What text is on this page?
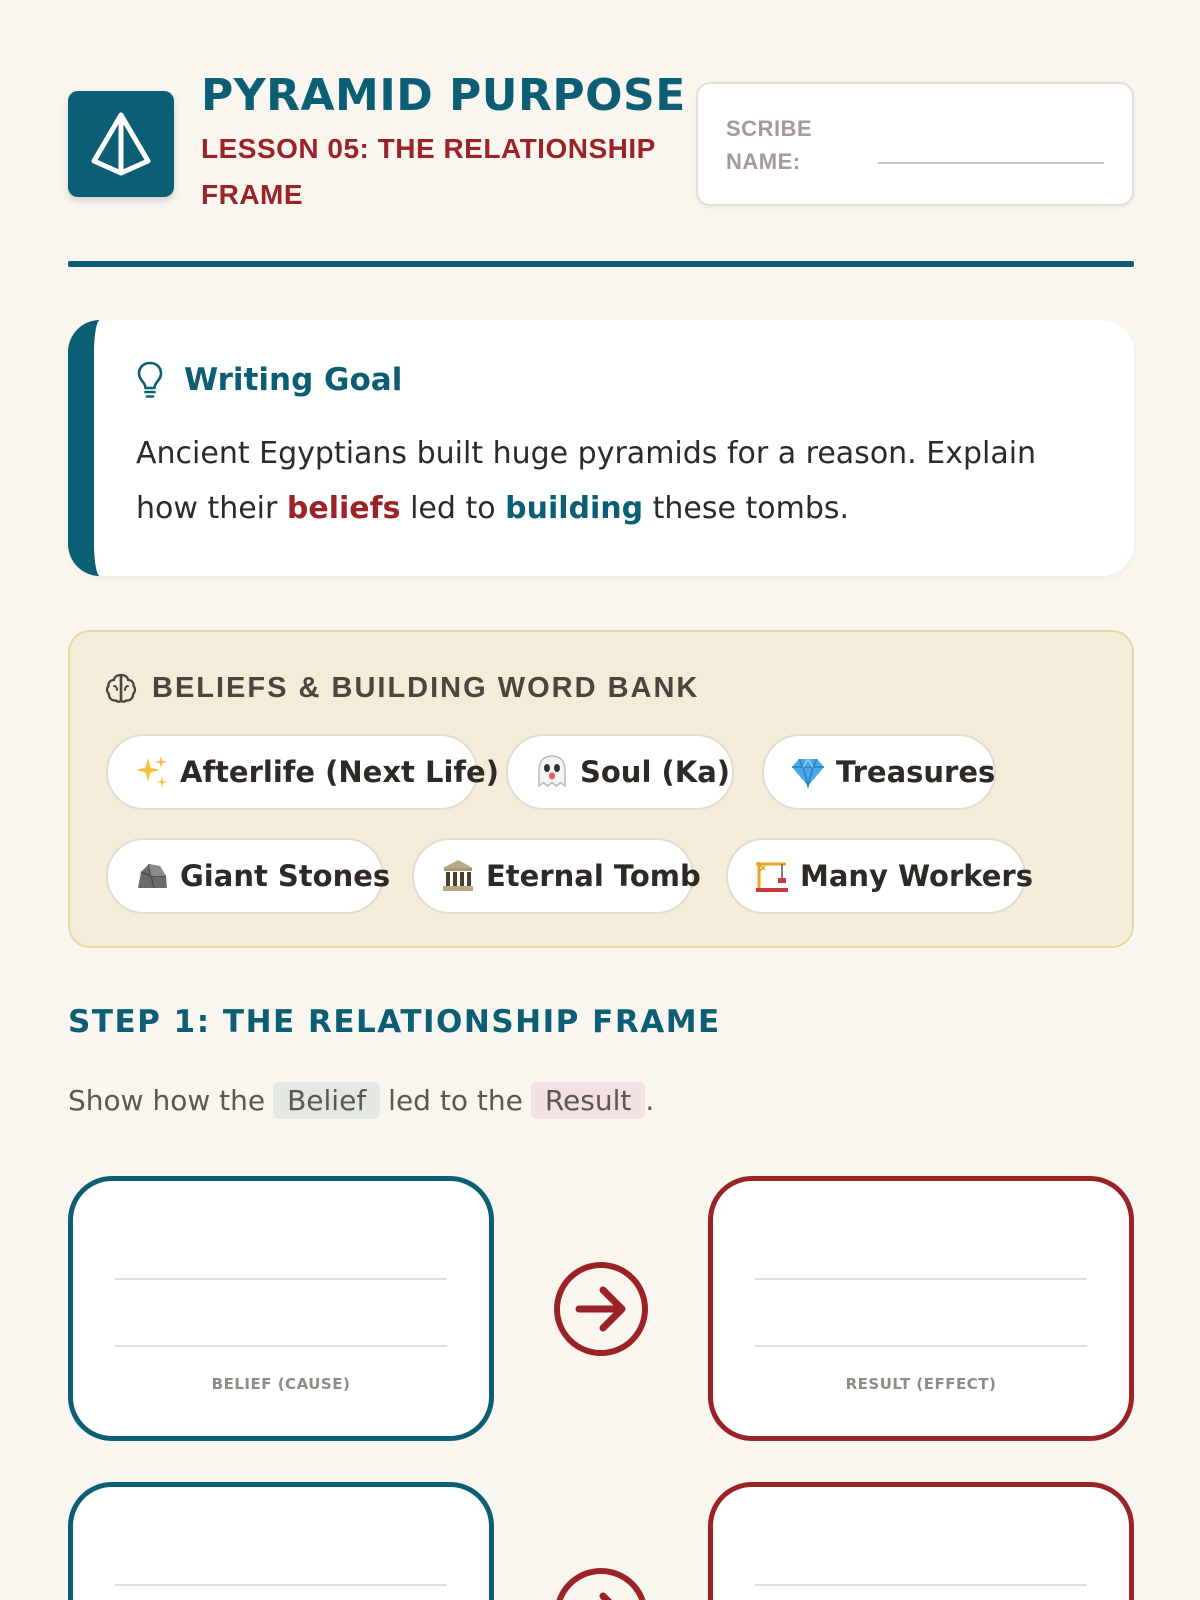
PYRAMID PURPOSE
LESSON 05: THE RELATIONSHIP FRAME
SCRIBE NAME:
Writing Goal
Ancient Egyptians built huge pyramids for a reason. Explain how their beliefs led to building these tombs.
BELIEFS & BUILDING WORD BANK
Afterlife (Next Life)	Soul (Ka)	Treasures
Giant Stones	Eternal Tomb	Many Workers
STEP 1: THE RELATIONSHIP FRAME
Show how the Belief led to the Result .
BELIEF (CAUSE)	RESULT (EFFECT)
